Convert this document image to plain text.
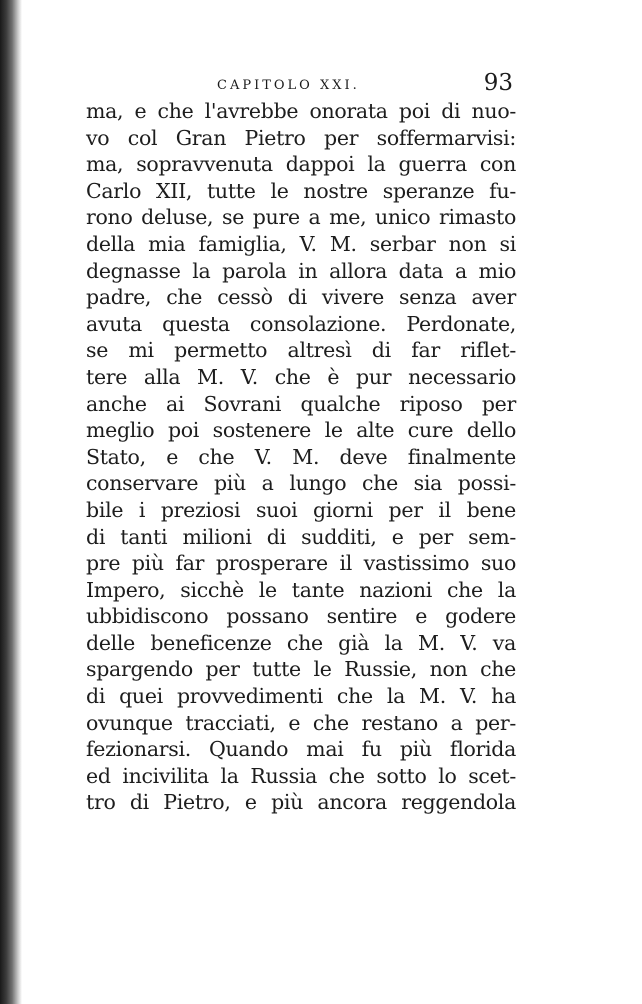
CAPITOLO XXI.	93
ma, e che l'avrebbe onorata poi di nuo-
vo col Gran Pietro per soffermarvisi:
ma, sopravvenuta dappoi la guerra con
Carlo XII, tutte le nostre speranze fu-
rono deluse, se pure a me, unico rimasto
della mia famiglia, V. M. serbar non si
degnasse la parola in allora data a mio
padre, che cessò di vivere senza aver
avuta questa consolazione. Perdonate,
se mi permetto altresì di far riflet-
tere alla M. V. che è pur necessario
anche ai Sovrani qualche riposo per
meglio poi sostenere le alte cure dello
Stato, e che V. M. deve finalmente
conservare più a lungo che sia possi-
bile i preziosi suoi giorni per il bene
di tanti milioni di sudditi, e per sem-
pre più far prosperare il vastissimo suo
Impero, sicchè le tante nazioni che la
ubbidiscono possano sentire e godere
delle beneficenze che già la M. V. va
spargendo per tutte le Russie, non che
di quei provvedimenti che la M. V. ha
ovunque tracciati, e che restano a per-
fezionarsi. Quando mai fu più florida
ed incivilita la Russia che sotto lo scet-
tro di Pietro, e più ancora reggendola
